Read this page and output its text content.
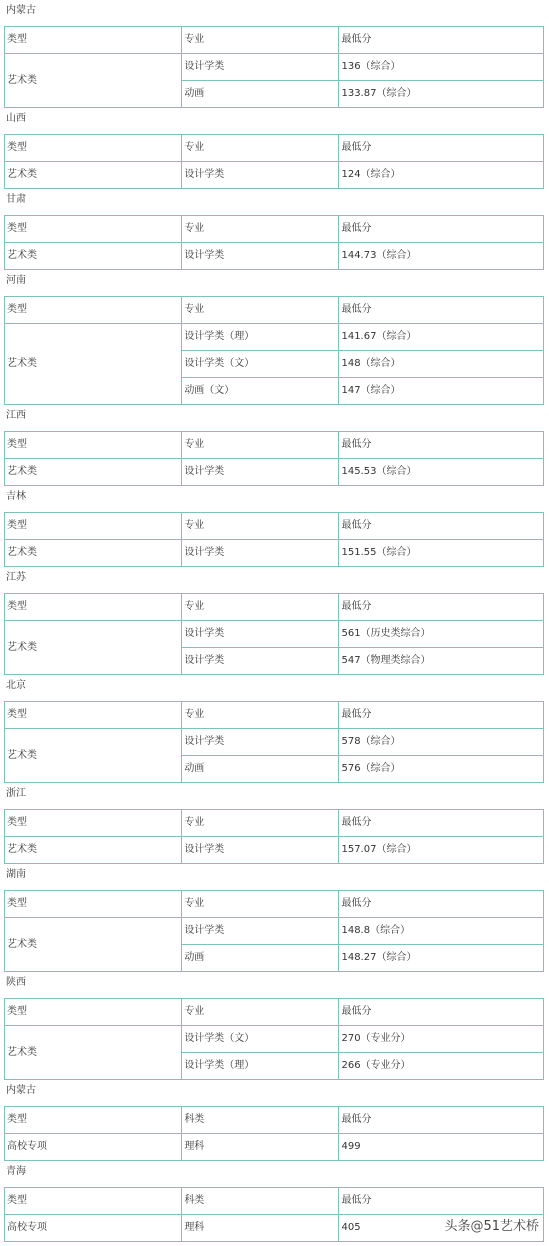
内蒙古
类型	专业	最低分
艺术类	设计学类	136（综合）
	动画	133.87（综合）
山西
类型	专业	最低分
艺术类	设计学类	124（综合）
甘肃
类型	专业	最低分
艺术类	设计学类	144.73（综合）
河南
类型	专业	最低分
艺术类	设计学类（理）	141.67（综合）
	设计学类（文）	148（综合）
	动画（文）	147（综合）
江西
类型	专业	最低分
艺术类	设计学类	145.53（综合）
吉林
类型	专业	最低分
艺术类	设计学类	151.55（综合）
江苏
类型	专业	最低分
艺术类	设计学类	561（历史类综合）
	设计学类	547（物理类综合）
北京
类型	专业	最低分
艺术类	设计学类	578（综合）
	动画	576（综合）
浙江
类型	专业	最低分
艺术类	设计学类	157.07（综合）
湖南
类型	专业	最低分
艺术类	设计学类	148.8（综合）
	动画	148.27（综合）
陕西
类型	专业	最低分
艺术类	设计学类（文）	270（专业分）
	设计学类（理）	266（专业分）
内蒙古
类型	科类	最低分
高校专项	理科	499
青海
类型	科类	最低分
高校专项	理科	405	头条@51艺术桥
